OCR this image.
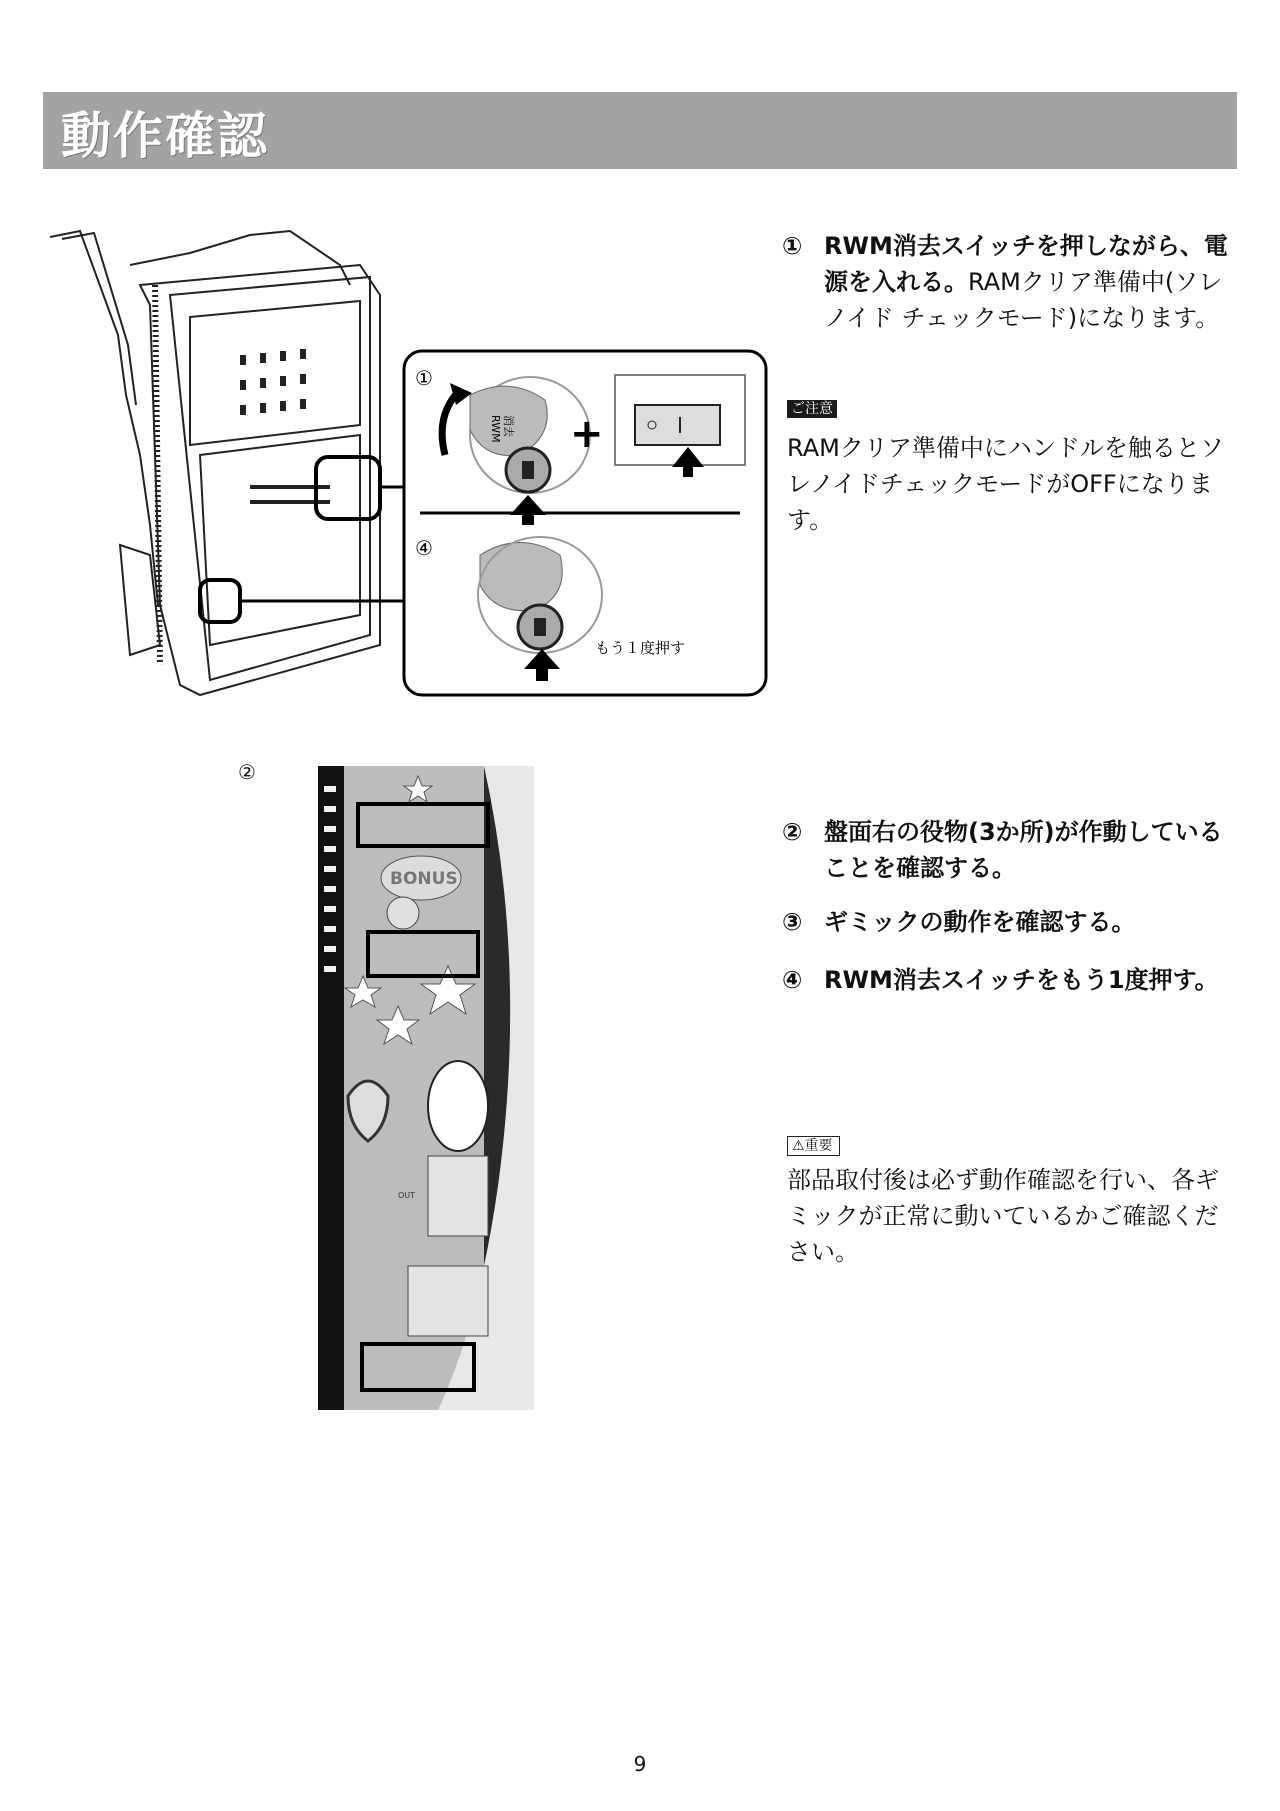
動作確認
①
④
RWM 消去 +
もう１度押す
②
BONUS
OUT
① RWM消去スイッチを押しながら、電源を入れる。RAMクリア準備中(ソレノイド チェックモード)になります。
ご注意
RAMクリア準備中にハンドルを触るとソレノイドチェックモードがOFFになります。
② 盤面右の役物(3か所)が作動していることを確認する。
③ ギミックの動作を確認する。
④ RWM消去スイッチをもう1度押す。
⚠重要
部品取付後は必ず動作確認を行い、各ギミックが正常に動いているかご確認ください。
9
